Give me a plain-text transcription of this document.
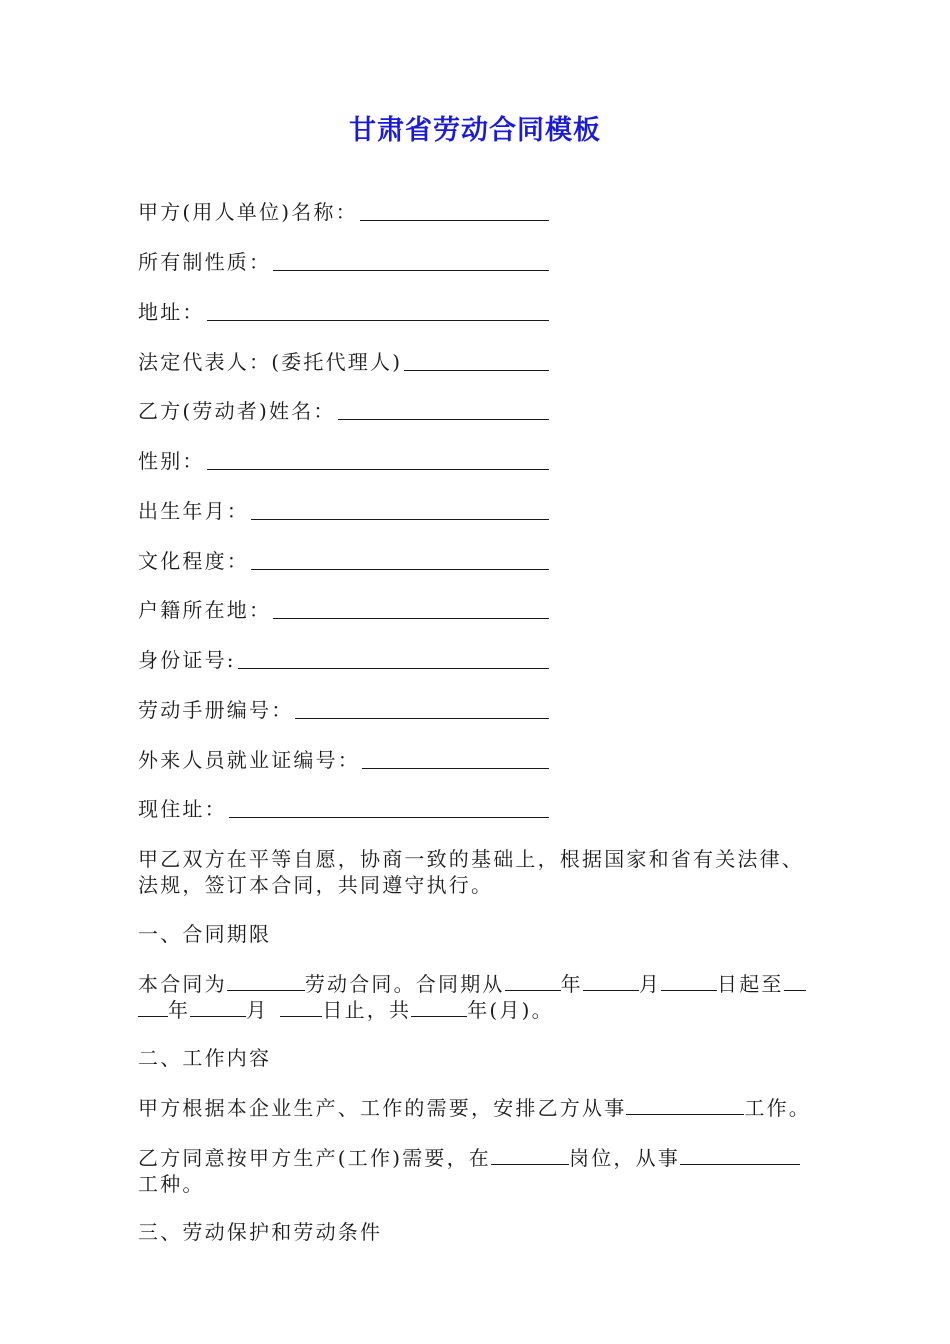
甘肃省劳动合同模板
甲方(用人单位)名称：
所有制性质：
地址：
法定代表人：(委托代理人)
乙方(劳动者)姓名：
性别：
出生年月：
文化程度：
户籍所在地：
身份证号:
劳动手册编号：
外来人员就业证编号：
现住址：
甲乙双方在平等自愿，协商一致的基础上，根据国家和省有关法律、
法规，签订本合同，共同遵守执行。
一、合同期限
本合同为	劳动合同。合同期从	年	月	日起至
年	月	日止，共	年(月)。
二、工作内容
甲方根据本企业生产、工作的需要，安排乙方从事	工作。
乙方同意按甲方生产(工作)需要，在	岗位，从事
工种。
三、劳动保护和劳动条件
